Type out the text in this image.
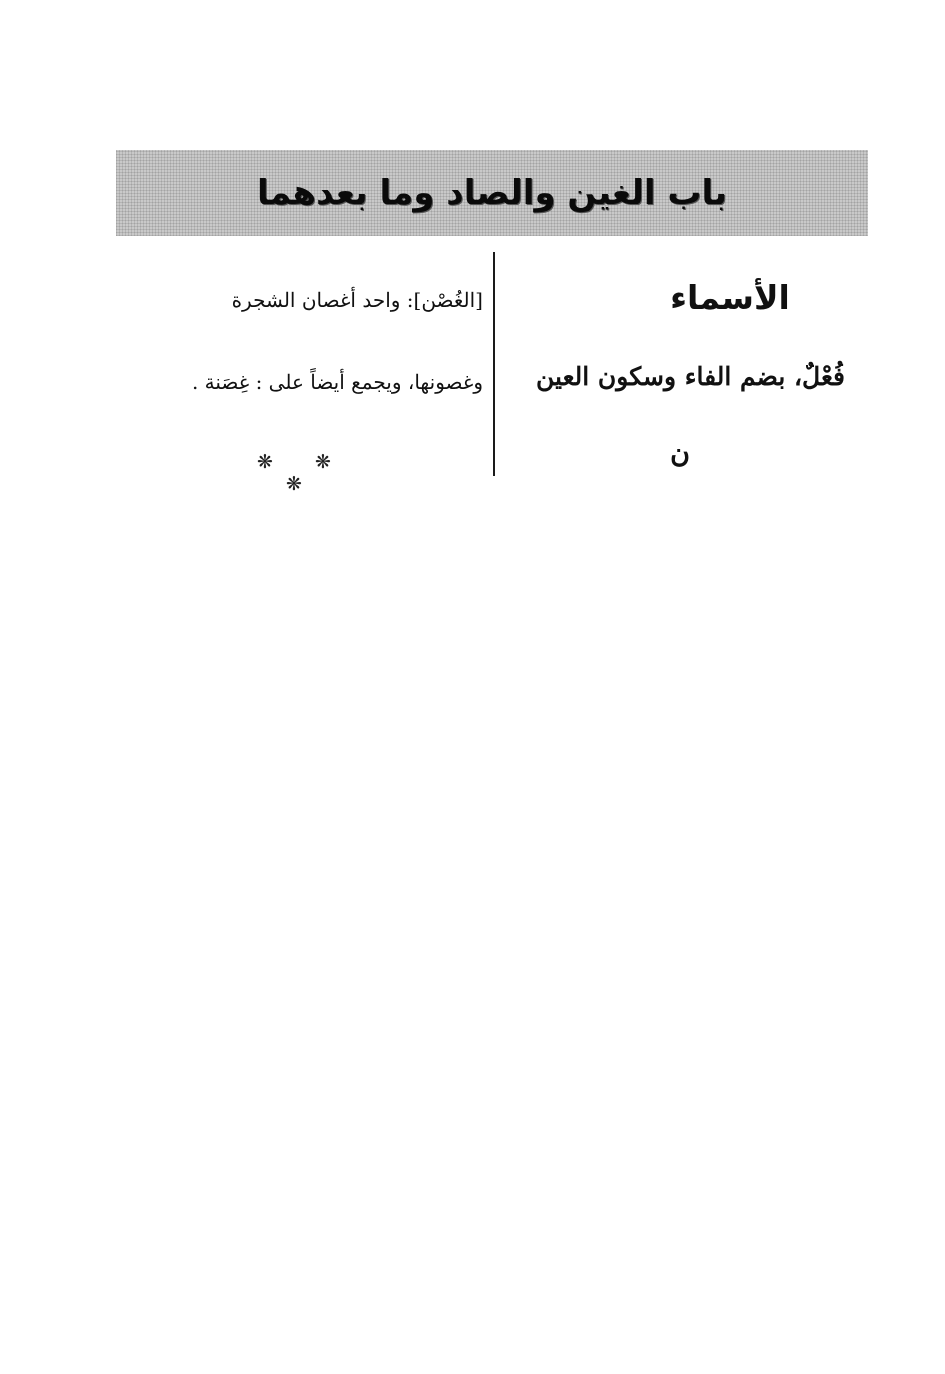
باب الغين والصاد وما بعدهما
الأسماء
فُعْلٌ، بضم الفاء وسكون العين
ن
[الغُصْن]: واحد أغصان الشجرة
وغصونها، ويجمع أيضاً على : غِصَنة .
❋ ❋ ❋
